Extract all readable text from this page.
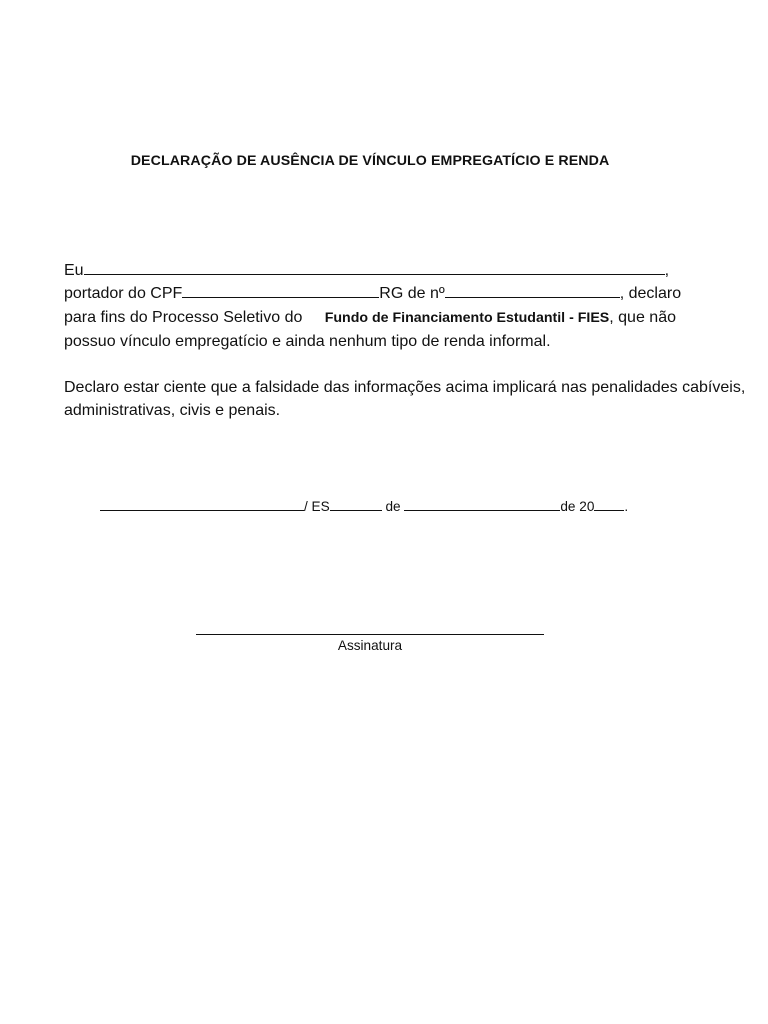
DECLARAÇÃO DE AUSÊNCIA DE VÍNCULO EMPREGATÍCIO E RENDA
Eu	,
portador do CPF	RG de nº	, declaro
para fins do Processo Seletivo do Fundo de Financiamento Estudantil - FIES, que não
possuo vínculo empregatício e ainda nenhum tipo de renda informal.
Declaro estar ciente que a falsidade das informações acima implicará nas penalidades cabíveis,
administrativas, civis e penais.
/ ES	de	de 20 .
Assinatura
